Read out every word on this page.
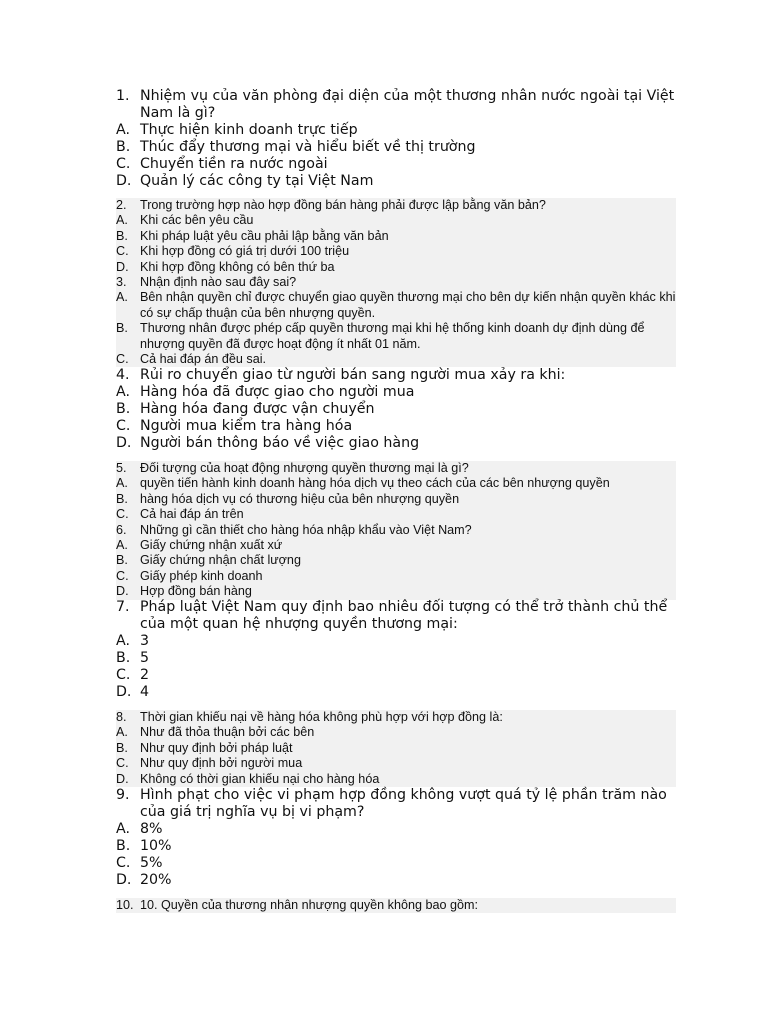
1. Nhiệm vụ của văn phòng đại diện của một thương nhân nước ngoài tại Việt Nam là gì?
A. Thực hiện kinh doanh trực tiếp
B. Thúc đẩy thương mại và hiểu biết về thị trường
C. Chuyển tiền ra nước ngoài
D. Quản lý các công ty tại Việt Nam
2.	Trong trường hợp nào hợp đồng bán hàng phải được lập bằng văn bản?
A. Khi các bên yêu cầu
B. Khi pháp luật yêu cầu phải lập bằng văn bản
C. Khi hợp đồng có giá trị dưới 100 triệu
D. Khi hợp đồng không có bên thứ ba
3.	Nhận định nào sau đây sai?
A. Bên nhận quyền chỉ được chuyển giao quyền thương mại cho bên dự kiến nhận quyền khác khi có sự chấp thuận của bên nhượng quyền.
B. Thương nhân được phép cấp quyền thương mại khi hệ thống kinh doanh dự định dùng để nhượng quyền đã được hoạt động ít nhất 01 năm.
C. Cả hai đáp án đều sai.
4. Rủi ro chuyển giao từ người bán sang người mua xảy ra khi:
A. Hàng hóa đã được giao cho người mua
B. Hàng hóa đang được vận chuyển
C. Người mua kiểm tra hàng hóa
D. Người bán thông báo về việc giao hàng
5.	Đối tượng của hoạt động nhượng quyền thương mại là gì?
A. quyền tiến hành kinh doanh hàng hóa dịch vụ theo cách của các bên nhượng quyền
B. hàng hóa dịch vụ có thương hiệu của bên nhượng quyền
C. Cả hai đáp án trên
6.	Những gì cần thiết cho hàng hóa nhập khẩu vào Việt Nam?
A. Giấy chứng nhận xuất xứ
B. Giấy chứng nhận chất lượng
C. Giấy phép kinh doanh
D. Hợp đồng bán hàng
7. Pháp luật Việt Nam quy định bao nhiêu đối tượng có thể trở thành chủ thể của một quan hệ nhượng quyền thương mại:
A. 3
B. 5
C. 2
D. 4
8.	Thời gian khiếu nại về hàng hóa không phù hợp với hợp đồng là:
A. Như đã thỏa thuận bởi các bên
B. Như quy định bởi pháp luật
C. Như quy định bởi người mua
D. Không có thời gian khiếu nại cho hàng hóa
9. Hình phạt cho việc vi phạm hợp đồng không vượt quá tỷ lệ phần trăm nào của giá trị nghĩa vụ bị vi phạm?
A. 8%
B. 10%
C. 5%
D. 20%
10. 10. Quyền của thương nhân nhượng quyền không bao gồm:
